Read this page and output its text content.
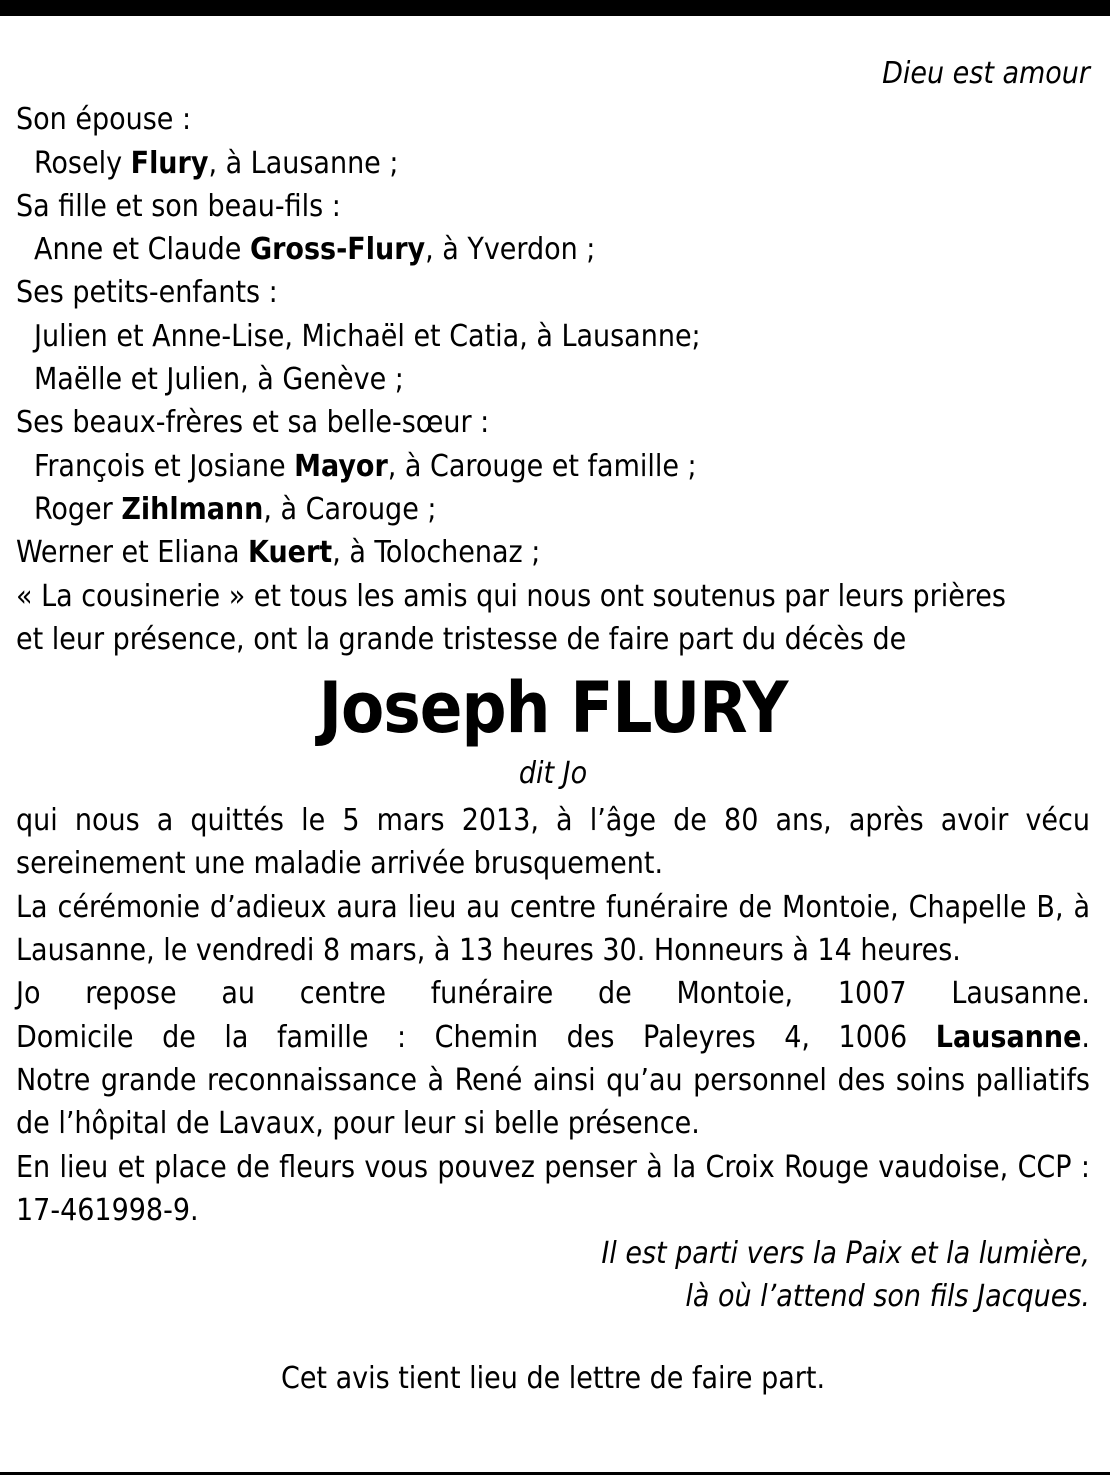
Dieu est amour
Son épouse :
Rosely Flury, à Lausanne ;
Sa fille et son beau-fils :
Anne et Claude Gross-Flury, à Yverdon ;
Ses petits-enfants :
Julien et Anne-Lise, Michaël et Catia, à Lausanne;
Maëlle et Julien, à Genève ;
Ses beaux-frères et sa belle-sœur :
François et Josiane Mayor, à Carouge et famille ;
Roger Zihlmann, à Carouge ;
Werner et Eliana Kuert, à Tolochenaz ;
« La cousinerie » et tous les amis qui nous ont soutenus par leurs prières
et leur présence, ont la grande tristesse de faire part du décès de
Joseph FLURY
dit Jo
qui nous a quittés le 5 mars 2013, à l’âge de 80 ans, après avoir vécu sereinement une maladie arrivée brusquement.
La cérémonie d’adieux aura lieu au centre funéraire de Montoie, Chapelle B, à Lausanne, le vendredi 8 mars, à 13 heures 30. Honneurs à 14 heures.
Jo repose au centre funéraire de Montoie, 1007 Lausanne.
Domicile de la famille : Chemin des Paleyres 4, 1006 Lausanne.
Notre grande reconnaissance à René ainsi qu’au personnel des soins palliatifs de l’hôpital de Lavaux, pour leur si belle présence.
En lieu et place de fleurs vous pouvez penser à la Croix Rouge vaudoise, CCP : 17-461998-9.
Il est parti vers la Paix et la lumière,
là où l’attend son fils Jacques.
Cet avis tient lieu de lettre de faire part.
